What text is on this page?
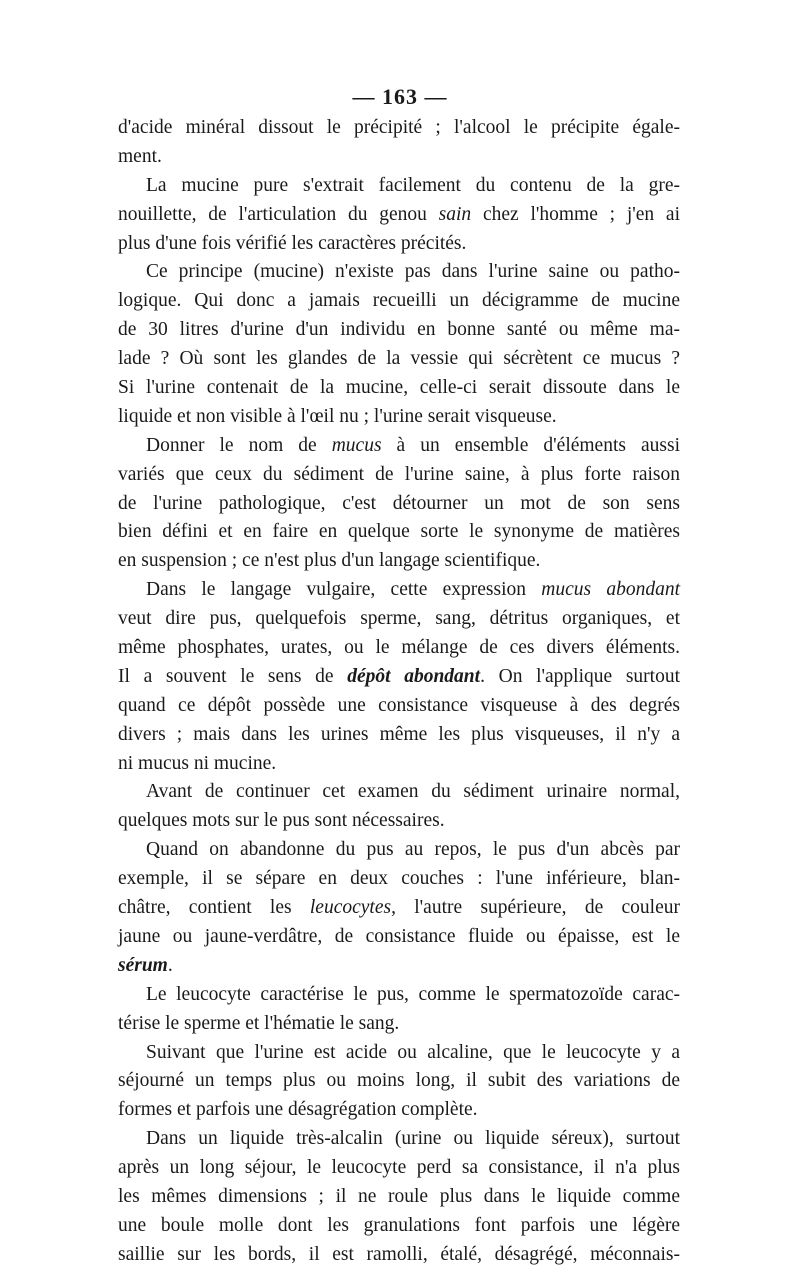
— 163 —
d'acide minéral dissout le précipité ; l'alcool le précipite égale-
ment.
La mucine pure s'extrait facilement du contenu de la gre-
nouillette, de l'articulation du genou sain chez l'homme ; j'en ai
plus d'une fois vérifié les caractères précités.
Ce principe (mucine) n'existe pas dans l'urine saine ou patho-
logique. Qui donc a jamais recueilli un décigramme de mucine
de 30 litres d'urine d'un individu en bonne santé ou même ma-
lade ? Où sont les glandes de la vessie qui sécrètent ce mucus ?
Si l'urine contenait de la mucine, celle-ci serait dissoute dans le
liquide et non visible à l'œil nu ; l'urine serait visqueuse.
Donner le nom de mucus à un ensemble d'éléments aussi
variés que ceux du sédiment de l'urine saine, à plus forte raison
de l'urine pathologique, c'est détourner un mot de son sens
bien défini et en faire en quelque sorte le synonyme de matières
en suspension ; ce n'est plus d'un langage scientifique.
Dans le langage vulgaire, cette expression mucus abondant
veut dire pus, quelquefois sperme, sang, détritus organiques, et
même phosphates, urates, ou le mélange de ces divers éléments.
Il a souvent le sens de dépôt abondant. On l'applique surtout
quand ce dépôt possède une consistance visqueuse à des degrés
divers ; mais dans les urines même les plus visqueuses, il n'y a
ni mucus ni mucine.
Avant de continuer cet examen du sédiment urinaire normal,
quelques mots sur le pus sont nécessaires.
Quand on abandonne du pus au repos, le pus d'un abcès par
exemple, il se sépare en deux couches : l'une inférieure, blan-
châtre, contient les leucocytes, l'autre supérieure, de couleur
jaune ou jaune-verdâtre, de consistance fluide ou épaisse, est le
sérum.
Le leucocyte caractérise le pus, comme le spermatozoïde carac-
térise le sperme et l'hématie le sang.
Suivant que l'urine est acide ou alcaline, que le leucocyte y a
séjourné un temps plus ou moins long, il subit des variations de
formes et parfois une désagrégation complète.
Dans un liquide très-alcalin (urine ou liquide séreux), surtout
après un long séjour, le leucocyte perd sa consistance, il n'a plus
les mêmes dimensions ; il ne roule plus dans le liquide comme
une boule molle dont les granulations font parfois une légère
saillie sur les bords, il est ramolli, étalé, désagrégé, méconnais-
